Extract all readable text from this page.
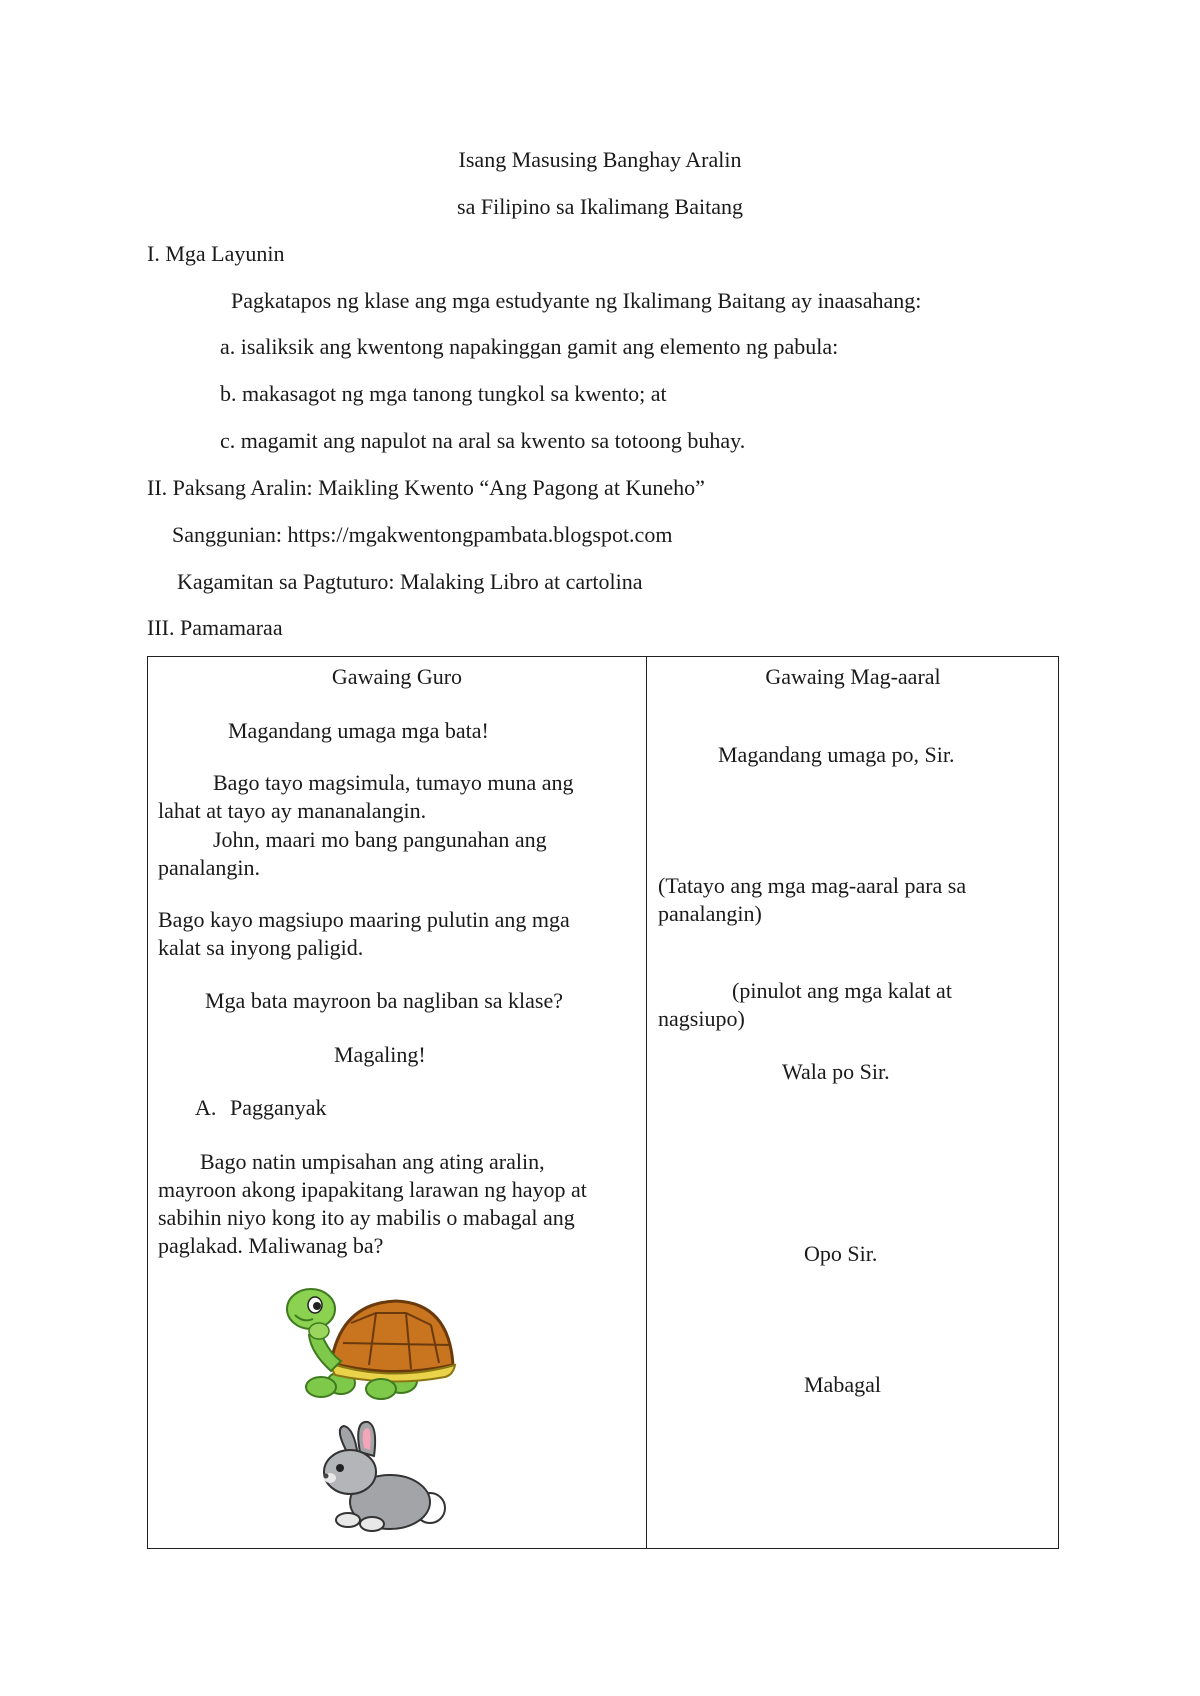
Isang Masusing Banghay Aralin
sa Filipino sa Ikalimang Baitang
I. Mga Layunin
Pagkatapos ng klase ang mga estudyante ng Ikalimang Baitang ay inaasahang:
a. isaliksik ang kwentong napakinggan gamit ang elemento ng pabula:
b. makasagot ng mga tanong tungkol sa kwento; at
c. magamit ang napulot na aral sa kwento sa totoong buhay.
II. Paksang Aralin: Maikling Kwento “Ang Pagong at Kuneho”
Sanggunian: https://mgakwentongpambata.blogspot.com
Kagamitan sa Pagtuturo: Malaking Libro at cartolina
III. Pamamaraa
Gawaing Guro	Gawaing Mag-aaral
Magandang umaga mga bata!
Bago tayo magsimula, tumayo muna ang
lahat at tayo ay mananalangin.
John, maari mo bang pangunahan ang
panalangin.
Bago kayo magsiupo maaring pulutin ang mga
kalat sa inyong paligid.
Mga bata mayroon ba nagliban sa klase?
Magaling!
A. Pagganyak
Bago natin umpisahan ang ating aralin,
mayroon akong ipapakitang larawan ng hayop at
sabihin niyo kong ito ay mabilis o mabagal ang
paglakad. Maliwanag ba?
Magandang umaga po, Sir.
(Tatayo ang mga mag-aaral para sa
panalangin)
(pinulot ang mga kalat at
nagsiupo)
Wala po Sir.
Opo Sir.
Mabagal
